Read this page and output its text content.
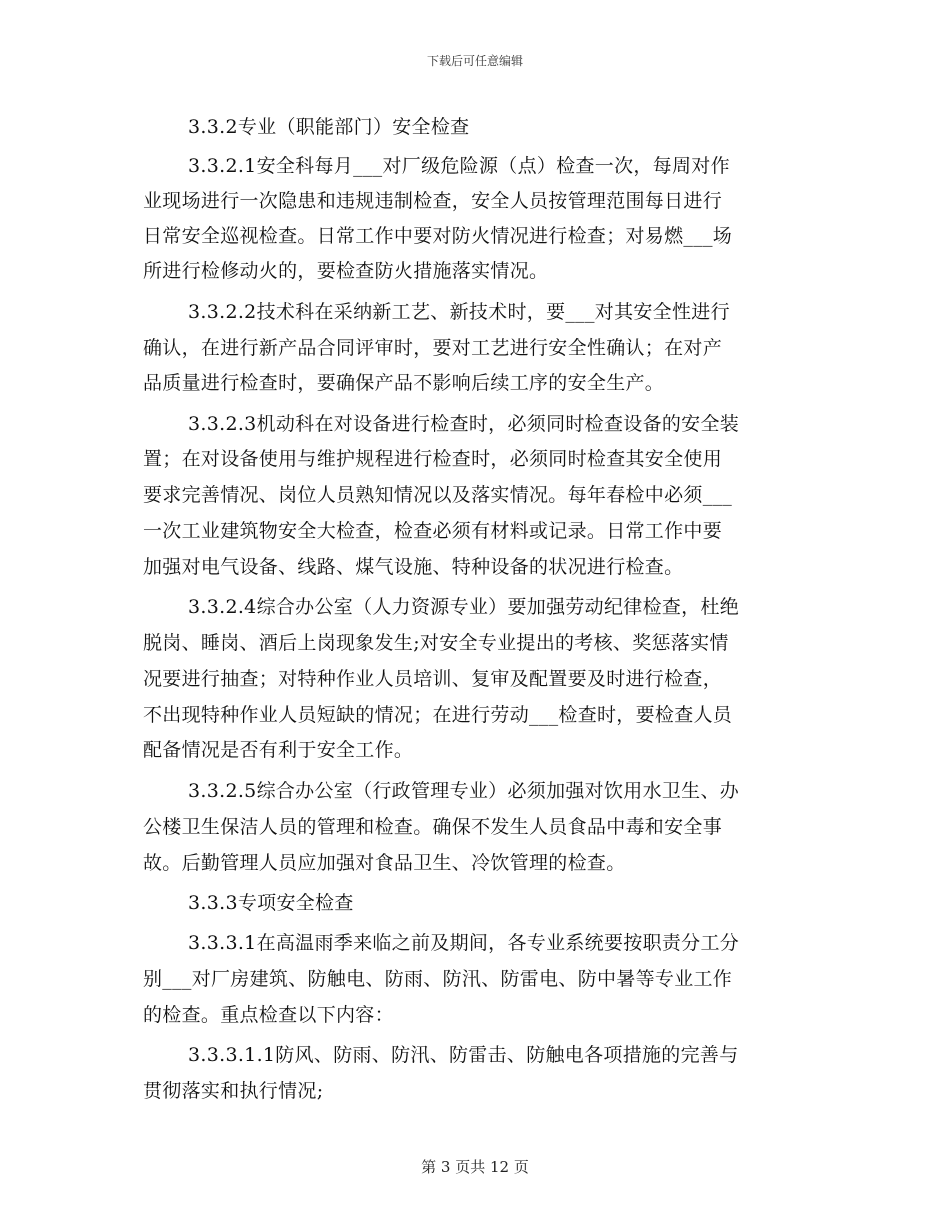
下载后可任意编辑
3.3.2专业（职能部门）安全检查
3.3.2.1安全科每月___对厂级危险源（点）检查一次，每周对作
业现场进行一次隐患和违规违制检查，安全人员按管理范围每日进行
日常安全巡视检查。日常工作中要对防火情况进行检查；对易燃___场
所进行检修动火的，要检查防火措施落实情况。
3.3.2.2技术科在采纳新工艺、新技术时，要___对其安全性进行
确认，在进行新产品合同评审时，要对工艺进行安全性确认；在对产
品质量进行检查时，要确保产品不影响后续工序的安全生产。
3.3.2.3机动科在对设备进行检查时，必须同时检查设备的安全装
置；在对设备使用与维护规程进行检查时，必须同时检查其安全使用
要求完善情况、岗位人员熟知情况以及落实情况。每年春检中必须___
一次工业建筑物安全大检查，检查必须有材料或记录。日常工作中要
加强对电气设备、线路、煤气设施、特种设备的状况进行检查。
3.3.2.4综合办公室（人力资源专业）要加强劳动纪律检查，杜绝
脱岗、睡岗、酒后上岗现象发生;对安全专业提出的考核、奖惩落实情
况要进行抽查；对特种作业人员培训、复审及配置要及时进行检查，
不出现特种作业人员短缺的情况；在进行劳动___检查时，要检查人员
配备情况是否有利于安全工作。
3.3.2.5综合办公室（行政管理专业）必须加强对饮用水卫生、办
公楼卫生保洁人员的管理和检查。确保不发生人员食品中毒和安全事
故。后勤管理人员应加强对食品卫生、冷饮管理的检查。
3.3.3专项安全检查
3.3.3.1在高温雨季来临之前及期间，各专业系统要按职责分工分
别___对厂房建筑、防触电、防雨、防汛、防雷电、防中暑等专业工作
的检查。重点检查以下内容：
3.3.3.1.1防风、防雨、防汛、防雷击、防触电各项措施的完善与
贯彻落实和执行情况;
第 3 页共 12 页
